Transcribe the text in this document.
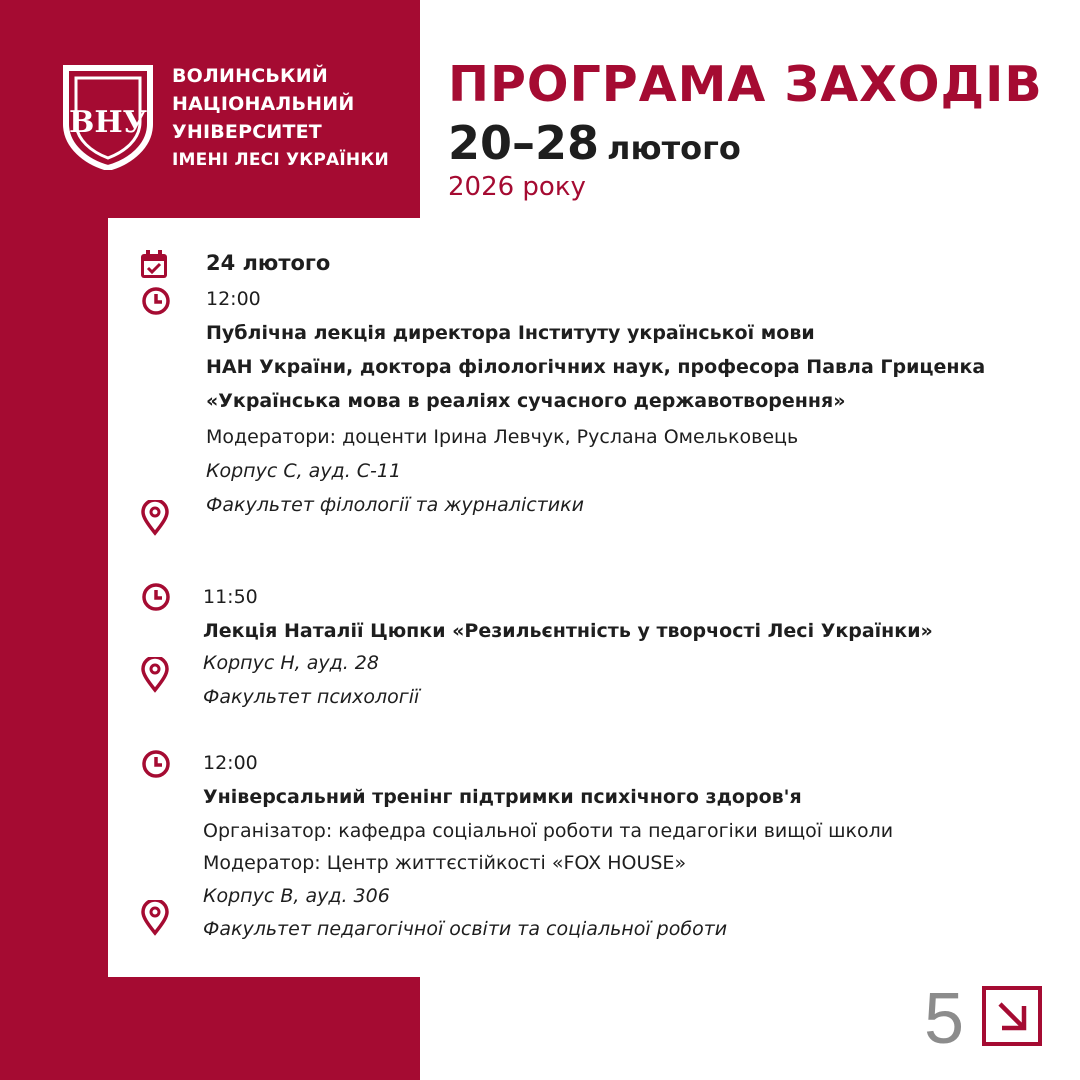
ВНУ
ВОЛИНСЬКИЙ
НАЦІОНАЛЬНИЙ
УНІВЕРСИТЕТ
ІМЕНІ ЛЕСІ УКРАЇНКИ
ПРОГРАМА ЗАХОДІВ
20–28 лютого
2026 року
24 лютого
12:00
Публічна лекція директора Інституту української мови
НАН України, доктора філологічних наук, професора Павла Гриценка
«Українська мова в реаліях сучасного державотворення»
Модератори: доценти Ірина Левчук, Руслана Омельковець
Корпус С, ауд. С-11
Факультет філології та журналістики
11:50
Лекція Наталії Цюпки «Резильєнтність у творчості Лесі Українки»
Корпус Н, ауд. 28
Факультет психології
12:00
Універсальний тренінг підтримки психічного здоров'я
Організатор: кафедра соціальної роботи та педагогіки вищої школи
Модератор: Центр життєстійкості «FOX HOUSE»
Корпус В, ауд. 306
Факультет педагогічної освіти та соціальної роботи
5
